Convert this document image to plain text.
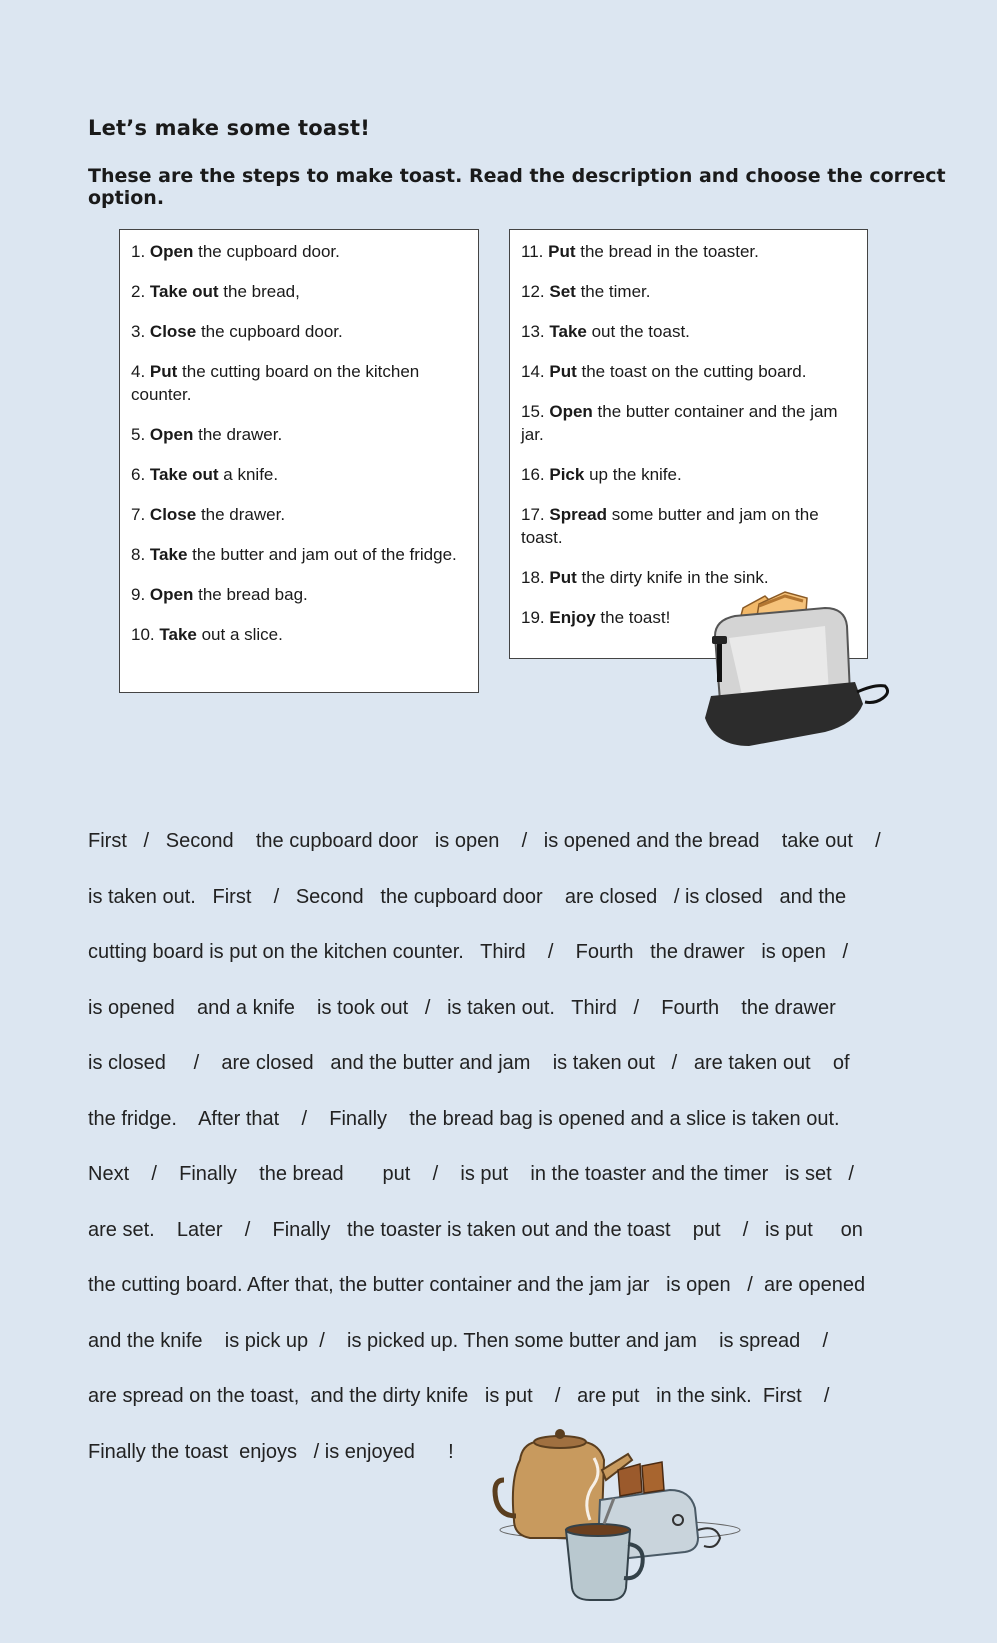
Let’s make some toast!
These are the steps to make toast. Read the description and choose the correct option.
1. Open the cupboard door.
2. Take out the bread,
3. Close the cupboard door.
4. Put the cutting board on the kitchen counter.
5. Open the drawer.
6. Take out a knife.
7. Close the drawer.
8. Take the butter and jam out of the fridge.
9. Open the bread bag.
10. Take out a slice.
11. Put the bread in the toaster.
12. Set the timer.
13. Take out the toast.
14. Put the toast on the cutting board.
15. Open the butter container and the jam jar.
16. Pick up the knife.
17. Spread some butter and jam on the toast.
18. Put the dirty knife in the sink.
19. Enjoy the toast!
First   /   Second    the cupboard door   is open    /   is opened and the bread    take out    /
is taken out.   First    /   Second   the cupboard door    are closed   / is closed   and the
cutting board is put on the kitchen counter.   Third    /    Fourth   the drawer   is open   /
is opened    and a knife    is took out   /   is taken out.   Third   /    Fourth    the drawer
is closed     /    are closed   and the butter and jam    is taken out   /   are taken out    of
the fridge.    After that    /    Finally    the bread bag is opened and a slice is taken out.
Next    /    Finally    the bread       put    /    is put    in the toaster and the timer   is set   /
are set.    Later    /    Finally   the toaster is taken out and the toast    put    /   is put     on
the cutting board. After that, the butter container and the jam jar   is open   /  are opened
and the knife    is pick up  /    is picked up. Then some butter and jam    is spread    /
are spread on the toast,  and the dirty knife   is put    /   are put   in the sink.  First    /
Finally the toast  enjoys   / is enjoyed      !
